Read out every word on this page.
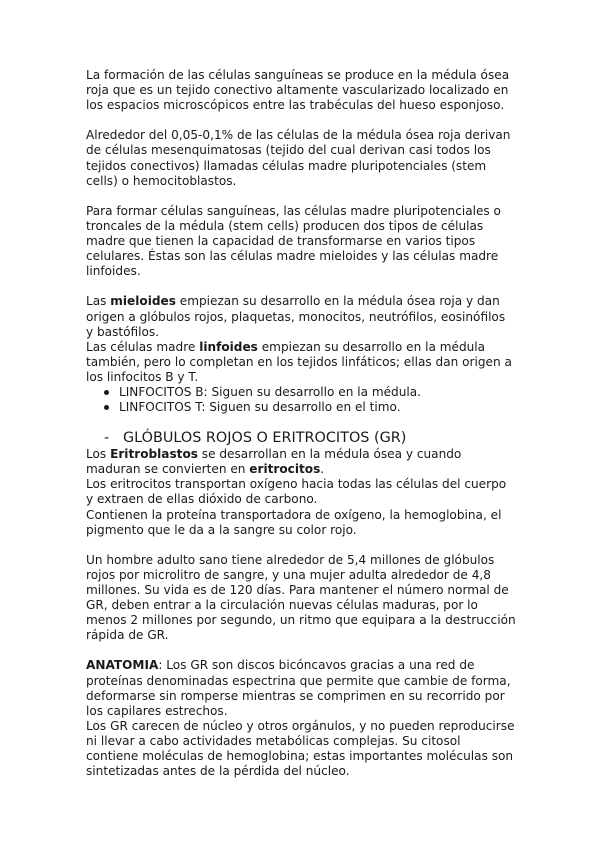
La formación de las células sanguíneas se produce en la médula ósea roja que es un tejido conectivo altamente vascularizado localizado en los espacios microscópicos entre las trabéculas del hueso esponjoso.

Alrededor del 0,05-0,1% de las células de la médula ósea roja derivan de células mesenquimatosas (tejido del cual derivan casi todos los tejidos conectivos) llamadas células madre pluripotenciales (stem cells) o hemocitoblastos.

Para formar células sanguíneas, las células madre pluripotenciales o troncales de la médula (stem cells) producen dos tipos de células madre que tienen la capacidad de transformarse en varios tipos celulares. Éstas son las células madre mieloides y las células madre linfoides.

Las mieloides empiezan su desarrollo en la médula ósea roja y dan origen a glóbulos rojos, plaquetas, monocitos, neutrófilos, eosinófilos y bastófilos.

Las células madre linfoides empiezan su desarrollo en la médula también, pero lo completan en los tejidos linfáticos; ellas dan origen a los linfocitos B y T.

LINFOCITOS B: Siguen su desarrollo en la médula.
LINFOCITOS T: Siguen su desarrollo en el timo.
- GLÓBULOS ROJOS O ERITROCITOS (GR)

Los Eritroblastos se desarrollan en la médula ósea y cuando maduran se convierten en eritrocitos.

Los eritrocitos transportan oxígeno hacia todas las células del cuerpo y extraen de ellas dióxido de carbono.

Contienen la proteína transportadora de oxígeno, la hemoglobina, el pigmento que le da a la sangre su color rojo.

Un hombre adulto sano tiene alrededor de 5,4 millones de glóbulos rojos por microlitro de sangre, y una mujer adulta alrededor de 4,8 millones. Su vida es de 120 días. Para mantener el número normal de GR, deben entrar a la circulación nuevas células maduras, por lo menos 2 millones por segundo, un ritmo que equipara a la destrucción rápida de GR.

ANATOMIA: Los GR son discos bicóncavos gracias a una red de proteínas denominadas espectrina que permite que cambie de forma, deformarse sin romperse mientras se comprimen en su recorrido por los capilares estrechos.

Los GR carecen de núcleo y otros orgánulos, y no pueden reproducirse ni llevar a cabo actividades metabólicas complejas. Su citosol contiene moléculas de hemoglobina; estas importantes moléculas son sintetizadas antes de la pérdida del núcleo.
